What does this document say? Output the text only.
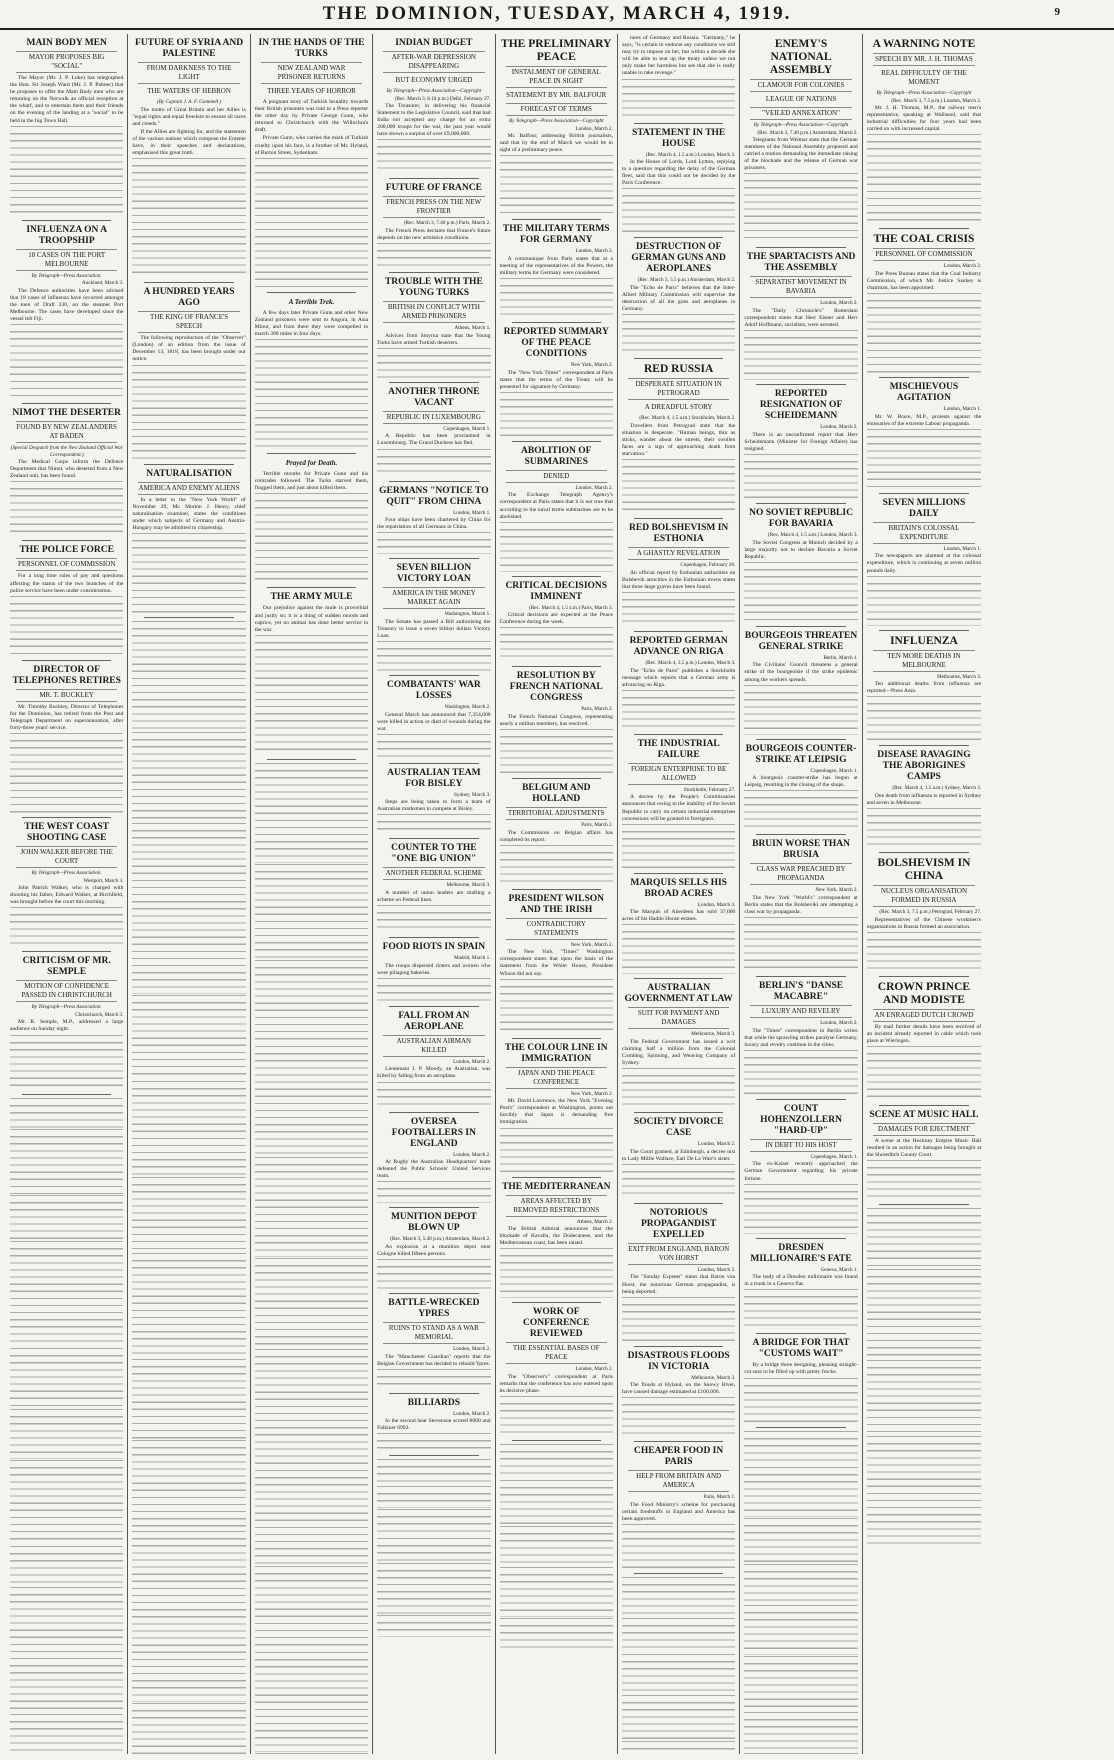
THE DOMINION, TUESDAY, MARCH 4, 1919.	9
MAIN BODY MEN
MAYOR PROPOSES BIG "SOCIAL"
The Mayor (Mr. J. P. Luke) has telegraphed the Hon. Sir Joseph Ward (Mr. J. P. Palmer) that he proposes to offer the Main Body men who are returning on the Norwalk an official reception at the wharf, and to entertain them and their friends on the evening of the landing at a "social" to be held in the big Town Hall.
INFLUENZA ON A TROOPSHIP
18 CASES ON THE PORT MELBOURNE
By Telegraph—Press Association.
Auckland, March 3.
The Defence authorities have been advised that 18 cases of influenza have occurred amongst the men of Draft 230, on the steamer Port Melbourne. The cases have developed since the vessel left Fiji.
NIMOT THE DESERTER
FOUND BY NEW ZEALANDERS AT BADEN
(Special Despatch from the New Zealand Official War Correspondent.)
The Medical Corps inform the Defence Department that Nimot, who deserted from a New Zealand unit, has been found.
THE POLICE FORCE
PERSONNEL OF COMMISSION
For a long time rules of pay and questions affecting the status of the two branches of the police service have been under consideration.
DIRECTOR OF TELEPHONES RETIRES
MR. T. BUCKLEY
Mr. Timothy Buckley, Director of Telephones for the Dominion, has retired from the Post and Telegraph Department on superannuation, after forty-three years' service.
THE WEST COAST SHOOTING CASE
JOHN WALKER BEFORE THE COURT
By Telegraph—Press Association.
Westport, March 3.
John Patrick Walker, who is charged with shooting his father, Edward Walker, at Birchfield, was brought before the court this morning.
CRITICISM OF MR. SEMPLE
MOTION OF CONFIDENCE PASSED IN CHRISTCHURCH
By Telegraph—Press Association.
Christchurch, March 3.
Mr. R. Semple, M.P., addressed a large audience on Sunday night.
FUTURE OF SYRIA AND PALESTINE
FROM DARKNESS TO THE LIGHT
THE WATERS OF HEBRON
(By Captain J. A. F. Gammell.)
The motto of Great Britain and her Allies is "equal rights and equal freedom to ensure all races and creeds."
If the Allies are fighting for, and the statesmen of the various nations which compose the Entente have, in their speeches and declarations, emphasised this great truth.
A HUNDRED YEARS AGO
THE KING OF FRANCE'S SPEECH
The following reproduction of the "Observer" (London) of an edition from the issue of December 13, 1818, has been brought under our notice.
NATURALISATION
AMERICA AND ENEMY ALIENS
In a letter to the "New York World" of November 29, Mr. Morton J. Henry, chief naturalisation examiner, states the conditions under which subjects of Germany and Austria-Hungary may be admitted to citizenship.
IN THE HANDS OF THE TURKS
NEW ZEALAND WAR PRISONER RETURNS
THREE YEARS OF HORROR
A poignant story of Turkish brutality towards their British prisoners was told to a Press reporter the other day by Private George Gunn, who returned to Christchurch with the Willochra's draft.
Private Gunn, who carries the mark of Turkish cruelty upon his face, is a brother of Mr. Hyland, of Burton Street, Sydenham.
A Terrible Trek.
A few days later Private Gunn and other New Zealand prisoners were sent to Angora, in Asia Minor, and from there they were compelled to march 300 miles in four days.
Prayed for Death.
Terrible months for Private Gunn and his comrades followed. The Turks starved them, flogged them, and just about killed them.
THE ARMY MULE
Our prejudice against the mule is proverbial and justly so; it is a thing of sudden moods and caprice, yet no animal has done better service in the war.
INDIAN BUDGET
AFTER-WAR DEPRESSION DISAPPEARING
BUT ECONOMY URGED
By Telegraph—Press Association—Copyright
(Rec. March 3, 8.10 p.m.) Delhi, February 27.
The Treasurer, in delivering his financial Statement to the Legislative Council, said that had India not accepted any charge for an extra 200,000 troops for the war, the past year would have shown a surplus of over £9,000,000.
FUTURE OF FRANCE
FRENCH PRESS ON THE NEW FRONTIER
(Rec. March 3, 7.40 p.m.) Paris, March 2.
The French Press declares that France's future depends on the new armistice conditions.
TROUBLE WITH THE YOUNG TURKS
BRITISH IN CONFLICT WITH ARMED PRISONERS
Athens, March 1.
Advices from Smyrna state that the Young Turks have armed Turkish deserters.
ANOTHER THRONE VACANT
REPUBLIC IN LUXEMBOURG
Copenhagen, March 1.
A Republic has been proclaimed in Luxembourg. The Grand Duchess has fled.
GERMANS "NOTICE TO QUIT" FROM CHINA
London, March 1.
Four ships have been chartered by China for the repatriation of all Germans in China.
SEVEN BILLION VICTORY LOAN
AMERICA IN THE MONEY MARKET AGAIN
Washington, March 1.
The Senate has passed a Bill authorising the Treasury to issue a seven billion dollars Victory Loan.
COMBATANTS' WAR LOSSES
Washington, March 2.
General March has announced that 7,354,000 were killed in action or died of wounds during the war.
AUSTRALIAN TEAM FOR BISLEY
Sydney, March 3.
Steps are being taken to form a team of Australian marksmen to compete at Bisley.
COUNTER TO THE "ONE BIG UNION"
ANOTHER FEDERAL SCHEME
Melbourne, March 3.
A number of union leaders are drafting a scheme on Federal lines.
FOOD RIOTS IN SPAIN
Madrid, March 1.
The troops dispersed rioters and women who were pillaging bakeries.
FALL FROM AN AEROPLANE
AUSTRALIAN AIRMAN KILLED
London, March 2.
Lieutenant J. P. Moody, an Australian, was killed by falling from an aeroplane.
OVERSEA FOOTBALLERS IN ENGLAND
London, March 2.
At Rugby the Australian Headquarters' team defeated the Public Schools' United Services team.
MUNITION DEPOT BLOWN UP
(Rec. March 3, 5.40 p.m.) Amsterdam, March 2.
An explosion at a munition depot near Cologne killed fifteen persons.
BATTLE-WRECKED YPRES
RUINS TO STAND AS A WAR MEMORIAL
London, March 2.
The "Manchester Guardian" reports that the Belgian Government has decided to rebuild Ypres.
BILLIARDS
London, March 2.
In the second heat Stevenson scored 8000 and Falkiner 6993.
THE PRELIMINARY PEACE
INSTALMENT OF GENERAL PEACE IN SIGHT
STATEMENT BY MR. BALFOUR
FORECAST OF TERMS
By Telegraph—Press Association—Copyright
London, March 2.
Mr. Balfour, addressing British journalists, said that by the end of March we would be in sight of a preliminary peace.
THE MILITARY TERMS FOR GERMANY
London, March 2.
A communique from Paris states that at a meeting of the representatives of the Powers, the military terms for Germany were considered.
REPORTED SUMMARY OF THE PEACE CONDITIONS
New York, March 2.
The "New York Times'" correspondent at Paris states that the terms of the Treaty will be presented for signature by Germany.
ABOLITION OF SUBMARINES
DENIED
London, March 2.
The Exchange Telegraph Agency's correspondent at Paris states that it is not true that according to the naval terms submarines are to be abolished.
CRITICAL DECISIONS IMMINENT
(Rec. March 4, 1.5 a.m.) Paris, March 3.
Critical decisions are expected at the Peace Conference during the week.
RESOLUTION BY FRENCH NATIONAL CONGRESS
Paris, March 2.
The French National Congress, representing nearly a million members, has resolved.
BELGIUM AND HOLLAND
TERRITORIAL ADJUSTMENTS
Paris, March 2.
The Commission on Belgian affairs has completed its report.
PRESIDENT WILSON AND THE IRISH
CONTRADICTORY STATEMENTS
New York, March 2.
The New York "Times" Washington correspondent states that upon the basis of the statement from the White House, President Wilson did not say.
THE COLOUR LINE IN IMMIGRATION
JAPAN AND THE PEACE CONFERENCE
New York, March 2.
Mr. David Lawrence, the New York "Evening Post's" correspondent at Washington, points out forcibly that Japan is demanding free immigration.
THE MEDITERRANEAN
AREAS AFFECTED BY REMOVED RESTRICTIONS
Athens, March 2.
The British Admiral announces that the blockade of Kavalla, the Dodecanese, and the Mediterranean coast, has been raised.
WORK OF CONFERENCE REVIEWED
THE ESSENTIAL BASES OF PEACE
London, March 2.
The "Observer's" correspondent at Paris remarks that the conference has now entered upon its decisive phase.
tures of Germany and Russia. "Germany," he says, "is certain to endorse any conditions we still may try to impose on her, but within a decade she will be able to tear up the treaty unless we not only make her harmless but see that she is really unable to take revenge."
STATEMENT IN THE HOUSE
(Rec. March 4, 1.5 a.m.) London, March 3.
In the House of Lords, Lord Lytton, replying to a question regarding the delay of the German fleet, said that this could not be decided by the Paris Conference.
DESTRUCTION OF GERMAN GUNS AND AEROPLANES
(Rec. March 3, 5.5 p.m.) Amsterdam, March 2.
The "Echo de Paris" believes that the Inter-Allied Military Commission will supervise the destruction of all the guns and aeroplanes in Germany.
RED RUSSIA
DESPERATE SITUATION IN PETROGRAD
A DREADFUL STORY
(Rec. March 4, 1.5 a.m.) Stockholm, March 2.
Travellers from Petrograd state that the situation is desperate. "Human beings, thin as sticks, wander about the streets, their swollen faces are a sign of approaching death from starvation."
RED BOLSHEVISM IN ESTHONIA
A GHASTLY REVELATION
Copenhagen, February 26.
An official report by Esthonian authorities on Bolshevik atrocities in the Esthonian towns states that three large graves have been found.
REPORTED GERMAN ADVANCE ON RIGA
(Rec. March 4, 3.5 p.m.) London, March 3.
The "Echo de Paris" publishes a Stockholm message which reports that a German army is advancing on Riga.
THE INDUSTRIAL FAILURE
FOREIGN ENTERPRISE TO BE ALLOWED
Stockholm, February 27.
A decree by the People's Commissaries announces that owing to the inability of the Soviet Republic to carry on certain industrial enterprises concessions will be granted to foreigners.
MARQUIS SELLS HIS BROAD ACRES
London, March 3.
The Marquis of Aberdeen has sold 37,000 acres of his Haddo House estates.
AUSTRALIAN GOVERNMENT AT LAW
SUIT FOR PAYMENT AND DAMAGES
Melbourne, March 3.
The Federal Government has issued a writ claiming half a million from the Colonial Combing, Spinning, and Weaving Company of Sydney.
SOCIETY DIVORCE CASE
London, March 2.
The Court granted, at Edinburgh, a decree nisi to Lady Millie Wallace, Earl De La Warr's sister.
NOTORIOUS PROPAGANDIST EXPELLED
EXIT FROM ENGLAND, BARON VON HORST
London, March 2.
The "Sunday Express" states that Baron von Horst, the notorious German propagandist, is being deported.
DISASTROUS FLOODS IN VICTORIA
Melbourne, March 3.
The floods at Hyland, on the Snowy River, have caused damage estimated at £100,000.
CHEAPER FOOD IN PARIS
HELP FROM BRITAIN AND AMERICA
Paris, March 1.
The Food Ministry's scheme for purchasing certain foodstuffs in England and America has been approved.
ENEMY'S NATIONAL ASSEMBLY
CLAMOUR FOR COLONIES
LEAGUE OF NATIONS
"VEILED ANNEXATION"
By Telegraph—Press Association—Copyright
(Rec. March 3, 7.40 p.m.) Amsterdam, March 2.
Telegrams from Weimar state that the German members of the National Assembly proposed and carried a motion demanding the immediate raising of the blockade and the release of German war prisoners.
THE SPARTACISTS AND THE ASSEMBLY
SEPARATIST MOVEMENT IN BAVARIA
London, March 2.
The "Daily Chronicle's" Rotterdam correspondent states that Herr Eisner and Herr Adolf Hoffmann, socialists, were arrested.
REPORTED RESIGNATION OF SCHEIDEMANN
London, March 2.
There is an unconfirmed report that Herr Scheidemann (Minister for Foreign Affairs) has resigned.
NO SOVIET REPUBLIC FOR BAVARIA
(Rec. March 4, 1.5 a.m.) London, March 3.
The Soviet Congress at Munich decided by a large majority not to declare Bavaria a Soviet Republic.
BOURGEOIS THREATEN GENERAL STRIKE
Berlin, March 1.
The Civilians' Council threatens a general strike of the bourgeoisie if the strike epidemic among the workers spreads.
BOURGEOIS COUNTER-STRIKE AT LEIPSIG
Copenhagen, March 1.
A bourgeois counter-strike has begun at Leipsig, resulting in the closing of the shops.
BRUIN WORSE THAN BRUSIA
CLASS WAR PREACHED BY PROPAGANDA
New York, March 2.
The New York "World's" correspondent at Berlin states that the Bolsheviki are attempting a class war by propaganda.
BERLIN'S "DANSE MACABRE"
LUXURY AND REVELRY
London, March 2.
The "Times" correspondent in Berlin writes that while the sprawling strikes paralyse Germany, luxury and revelry continue in the cities.
COUNT HOHENZOLLERN "HARD-UP"
IN DEBT TO HIS HOST
Copenhagen, March 1.
The ex-Kaiser recently approached the German Government regarding his private fortune.
DRESDEN MILLIONAIRE'S FATE
Geneva, March 1.
The body of a Dresden millionaire was found in a trunk in a Geneva flat.
A BRIDGE FOR THAT "CUSTOMS WAIT"
By a bridge three designing, pleasing straight-cut sure to be filled up with pretty frocks.
A WARNING NOTE
SPEECH BY MR. J. H. THOMAS
REAL DIFFICULTY OF THE MOMENT
By Telegraph—Press Association—Copyright
(Rec. March 3, 7.5 p.m.) London, March 2.
Mr. J. H. Thomas, M.P., the railway men's representative, speaking at Wallsend, said that industrial difficulties for four years had been carried on with increased capital.
THE COAL CRISIS
PERSONNEL OF COMMISSION
London, March 2.
The Press Bureau states that the Coal Industry Commission, of which Mr. Justice Sankey is chairman, has been appointed.
MISCHIEVOUS AGITATION
London, March 1.
Mr. W. Brace, M.P., protests against the emissaries of the extreme Labour propaganda.
SEVEN MILLIONS DAILY
BRITAIN'S COLOSSAL EXPENDITURE
London, March 1.
The newspapers are alarmed at the colossal expenditure, which is continuing at seven million pounds daily.
INFLUENZA
TEN MORE DEATHS IN MELBOURNE
Melbourne, March 3.
Ten additional deaths from influenza are reported—Press Assn.
DISEASE RAVAGING THE ABORIGINES CAMPS
(Rec. March 4, 1.5 a.m.) Sydney, March 3.
One death from influenza is reported in Sydney and seven in Melbourne.
BOLSHEVISM IN CHINA
NUCLEUS ORGANISATION FORMED IN RUSSIA
(Rec. March 3, 7.5 p.m.) Petrograd, February 27.
Representatives of the Chinese workmen's organisations in Russia formed an association.
CROWN PRINCE AND MODISTE
AN ENRAGED DUTCH CROWD
By mail further details have been received of an incident already reported in cable which took place at Wieringen.
SCENE AT MUSIC HALL
DAMAGES FOR EJECTMENT
A scene at the Hockney Empire Music Hall resulted in an action for damages being brought at the Shoreditch County Court.
